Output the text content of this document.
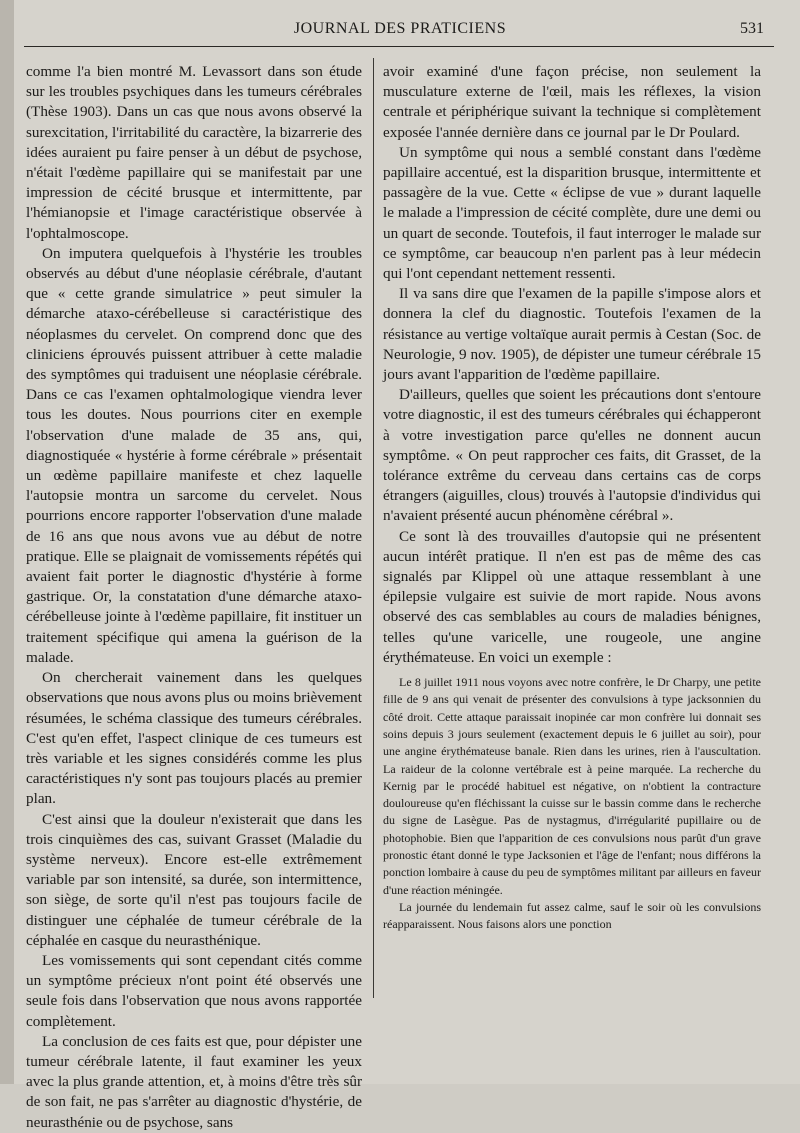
JOURNAL DES PRATICIENS	531

comme l'a bien montré M. Levassort dans son étude sur les troubles psychiques dans les tumeurs cérébrales (Thèse 1903). Dans un cas que nous avons observé la surexcitation, l'irritabilité du caractère, la bizarrerie des idées auraient pu faire penser à un début de psychose, n'était l'œdème papillaire qui se manifestait par une impression de cécité brusque et intermittente, par l'hémianopsie et l'image caractéristique observée à l'ophtalmoscope.

On imputera quelquefois à l'hystérie les troubles observés au début d'une néoplasie cérébrale, d'autant que « cette grande simulatrice » peut simuler la démarche ataxo-cérébelleuse si caractéristique des néoplasmes du cervelet. On comprend donc que des cliniciens éprouvés puissent attribuer à cette maladie des symptômes qui traduisent une néoplasie cérébrale. Dans ce cas l'examen ophtalmologique viendra lever tous les doutes. Nous pourrions citer en exemple l'observation d'une malade de 35 ans, qui, diagnostiquée « hystérie à forme cérébrale » présentait un œdème papillaire manifeste et chez laquelle l'autopsie montra un sarcome du cervelet. Nous pourrions encore rapporter l'observation d'une malade de 16 ans que nous avons vue au début de notre pratique. Elle se plaignait de vomissements répétés qui avaient fait porter le diagnostic d'hystérie à forme gastrique. Or, la constatation d'une démarche ataxo-cérébelleuse jointe à l'œdème papillaire, fit instituer un traitement spécifique qui amena la guérison de la malade.

On chercherait vainement dans les quelques observations que nous avons plus ou moins brièvement résumées, le schéma classique des tumeurs cérébrales. C'est qu'en effet, l'aspect clinique de ces tumeurs est très variable et les signes considérés comme les plus caractéristiques n'y sont pas toujours placés au premier plan.

C'est ainsi que la douleur n'existerait que dans les trois cinquièmes des cas, suivant Grasset (Maladie du système nerveux). Encore est-elle extrêmement variable par son intensité, sa durée, son intermittence, son siège, de sorte qu'il n'est pas toujours facile de distinguer une céphalée de tumeur cérébrale de la céphalée en casque du neurasthénique.

Les vomissements qui sont cependant cités comme un symptôme précieux n'ont point été observés une seule fois dans l'observation que nous avons rapportée complètement.

La conclusion de ces faits est que, pour dépister une tumeur cérébrale latente, il faut examiner les yeux avec la plus grande attention, et, à moins d'être très sûr de son fait, ne pas s'arrêter au diagnostic d'hystérie, de neurasthénie ou de psychose, sans

avoir examiné d'une façon précise, non seulement la musculature externe de l'œil, mais les réflexes, la vision centrale et périphérique suivant la technique si complètement exposée l'année dernière dans ce journal par le Dr Poulard.

Un symptôme qui nous a semblé constant dans l'œdème papillaire accentué, est la disparition brusque, intermittente et passagère de la vue. Cette « éclipse de vue » durant laquelle le malade a l'impression de cécité complète, dure une demi ou un quart de seconde. Toutefois, il faut interroger le malade sur ce symptôme, car beaucoup n'en parlent pas à leur médecin qui l'ont cependant nettement ressenti.

Il va sans dire que l'examen de la papille s'impose alors et donnera la clef du diagnostic. Toutefois l'examen de la résistance au vertige voltaïque aurait permis à Cestan (Soc. de Neurologie, 9 nov. 1905), de dépister une tumeur cérébrale 15 jours avant l'apparition de l'œdème papillaire.

D'ailleurs, quelles que soient les précautions dont s'entoure votre diagnostic, il est des tumeurs cérébrales qui échapperont à votre investigation parce qu'elles ne donnent aucun symptôme. « On peut rapprocher ces faits, dit Grasset, de la tolérance extrême du cerveau dans certains cas de corps étrangers (aiguilles, clous) trouvés à l'autopsie d'individus qui n'avaient présenté aucun phénomène cérébral ».

Ce sont là des trouvailles d'autopsie qui ne présentent aucun intérêt pratique. Il n'en est pas de même des cas signalés par Klippel où une attaque ressemblant à une épilepsie vulgaire est suivie de mort rapide. Nous avons observé des cas semblables au cours de maladies bénignes, telles qu'une varicelle, une rougeole, une angine érythémateuse. En voici un exemple :

Le 8 juillet 1911 nous voyons avec notre confrère, le Dr Charpy, une petite fille de 9 ans qui venait de présenter des convulsions à type jacksonnien du côté droit. Cette attaque paraissait inopinée car mon confrère lui donnait ses soins depuis 3 jours seulement (exactement depuis le 6 juillet au soir), pour une angine érythémateuse banale. Rien dans les urines, rien à l'auscultation. La raideur de la colonne vertébrale est à peine marquée. La recherche du Kernig par le procédé habituel est négative, on n'obtient la contracture douloureuse qu'en fléchissant la cuisse sur le bassin comme dans le recherche du signe de Lasègue. Pas de nystagmus, d'irrégularité pupillaire ou de photophobie. Bien que l'apparition de ces convulsions nous parût d'un grave pronostic étant donné le type Jacksonien et l'âge de l'enfant; nous différons la ponction lombaire à cause du peu de symptômes militant par ailleurs en faveur d'une réaction méningée.

La journée du lendemain fut assez calme, sauf le soir où les convulsions réapparaissent. Nous faisons alors une ponction
